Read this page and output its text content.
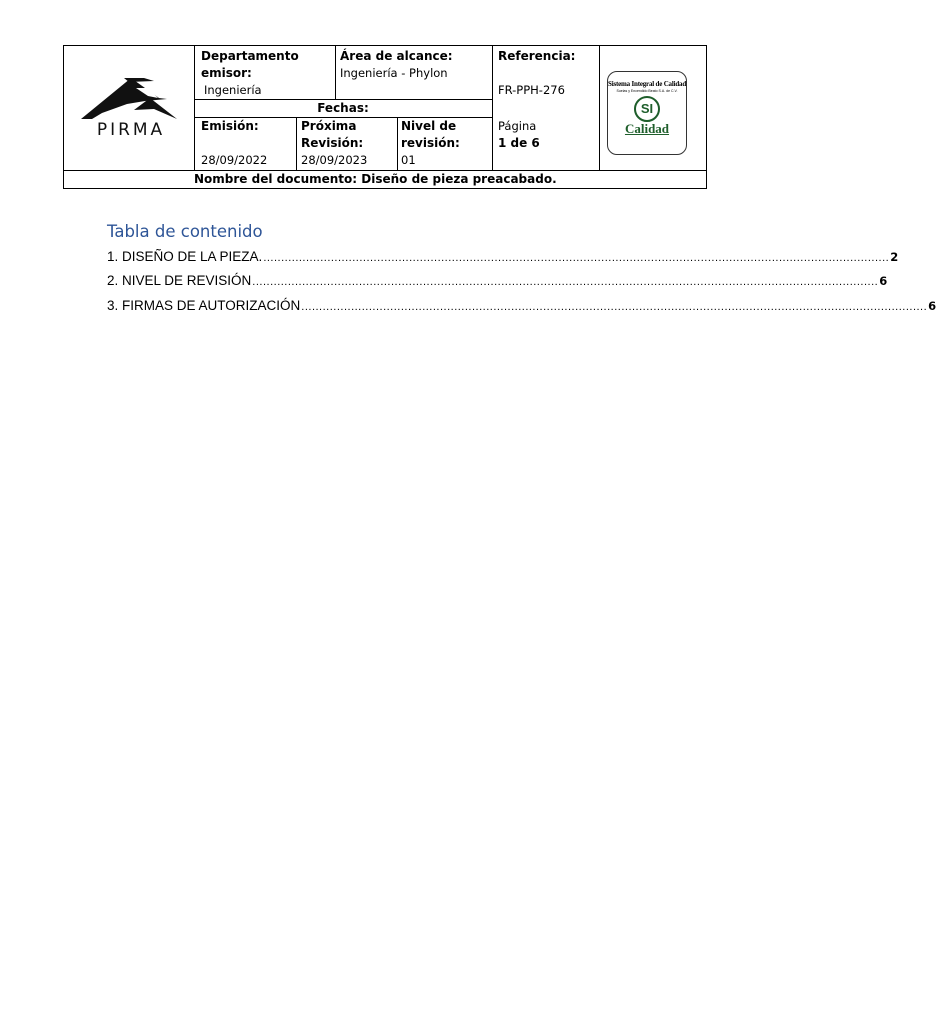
PIRMA
Departamento emisor:
Ingeniería
Área de alcance:
Ingeniería - Phylon
Referencia:
FR-PPH-276
Fechas:
Emisión:
28/09/2022
Próxima Revisión:
28/09/2023
Nivel de revisión:
01
Página
1 de 6
Sistema Integral de Calidad
Suelas y Encendido Beato S.A. de C.V.
SI
Calidad
Nombre del documento: Diseño de pieza preacabado.
Tabla de contenido
1. DISEÑO DE LA PIEZA. ................................................................................................................................................................................ 2
2. NIVEL DE REVISIÓN ................................................................................................................................................................................ 6
3. FIRMAS DE AUTORIZACIÓN ................................................................................................................................................................................ 6
